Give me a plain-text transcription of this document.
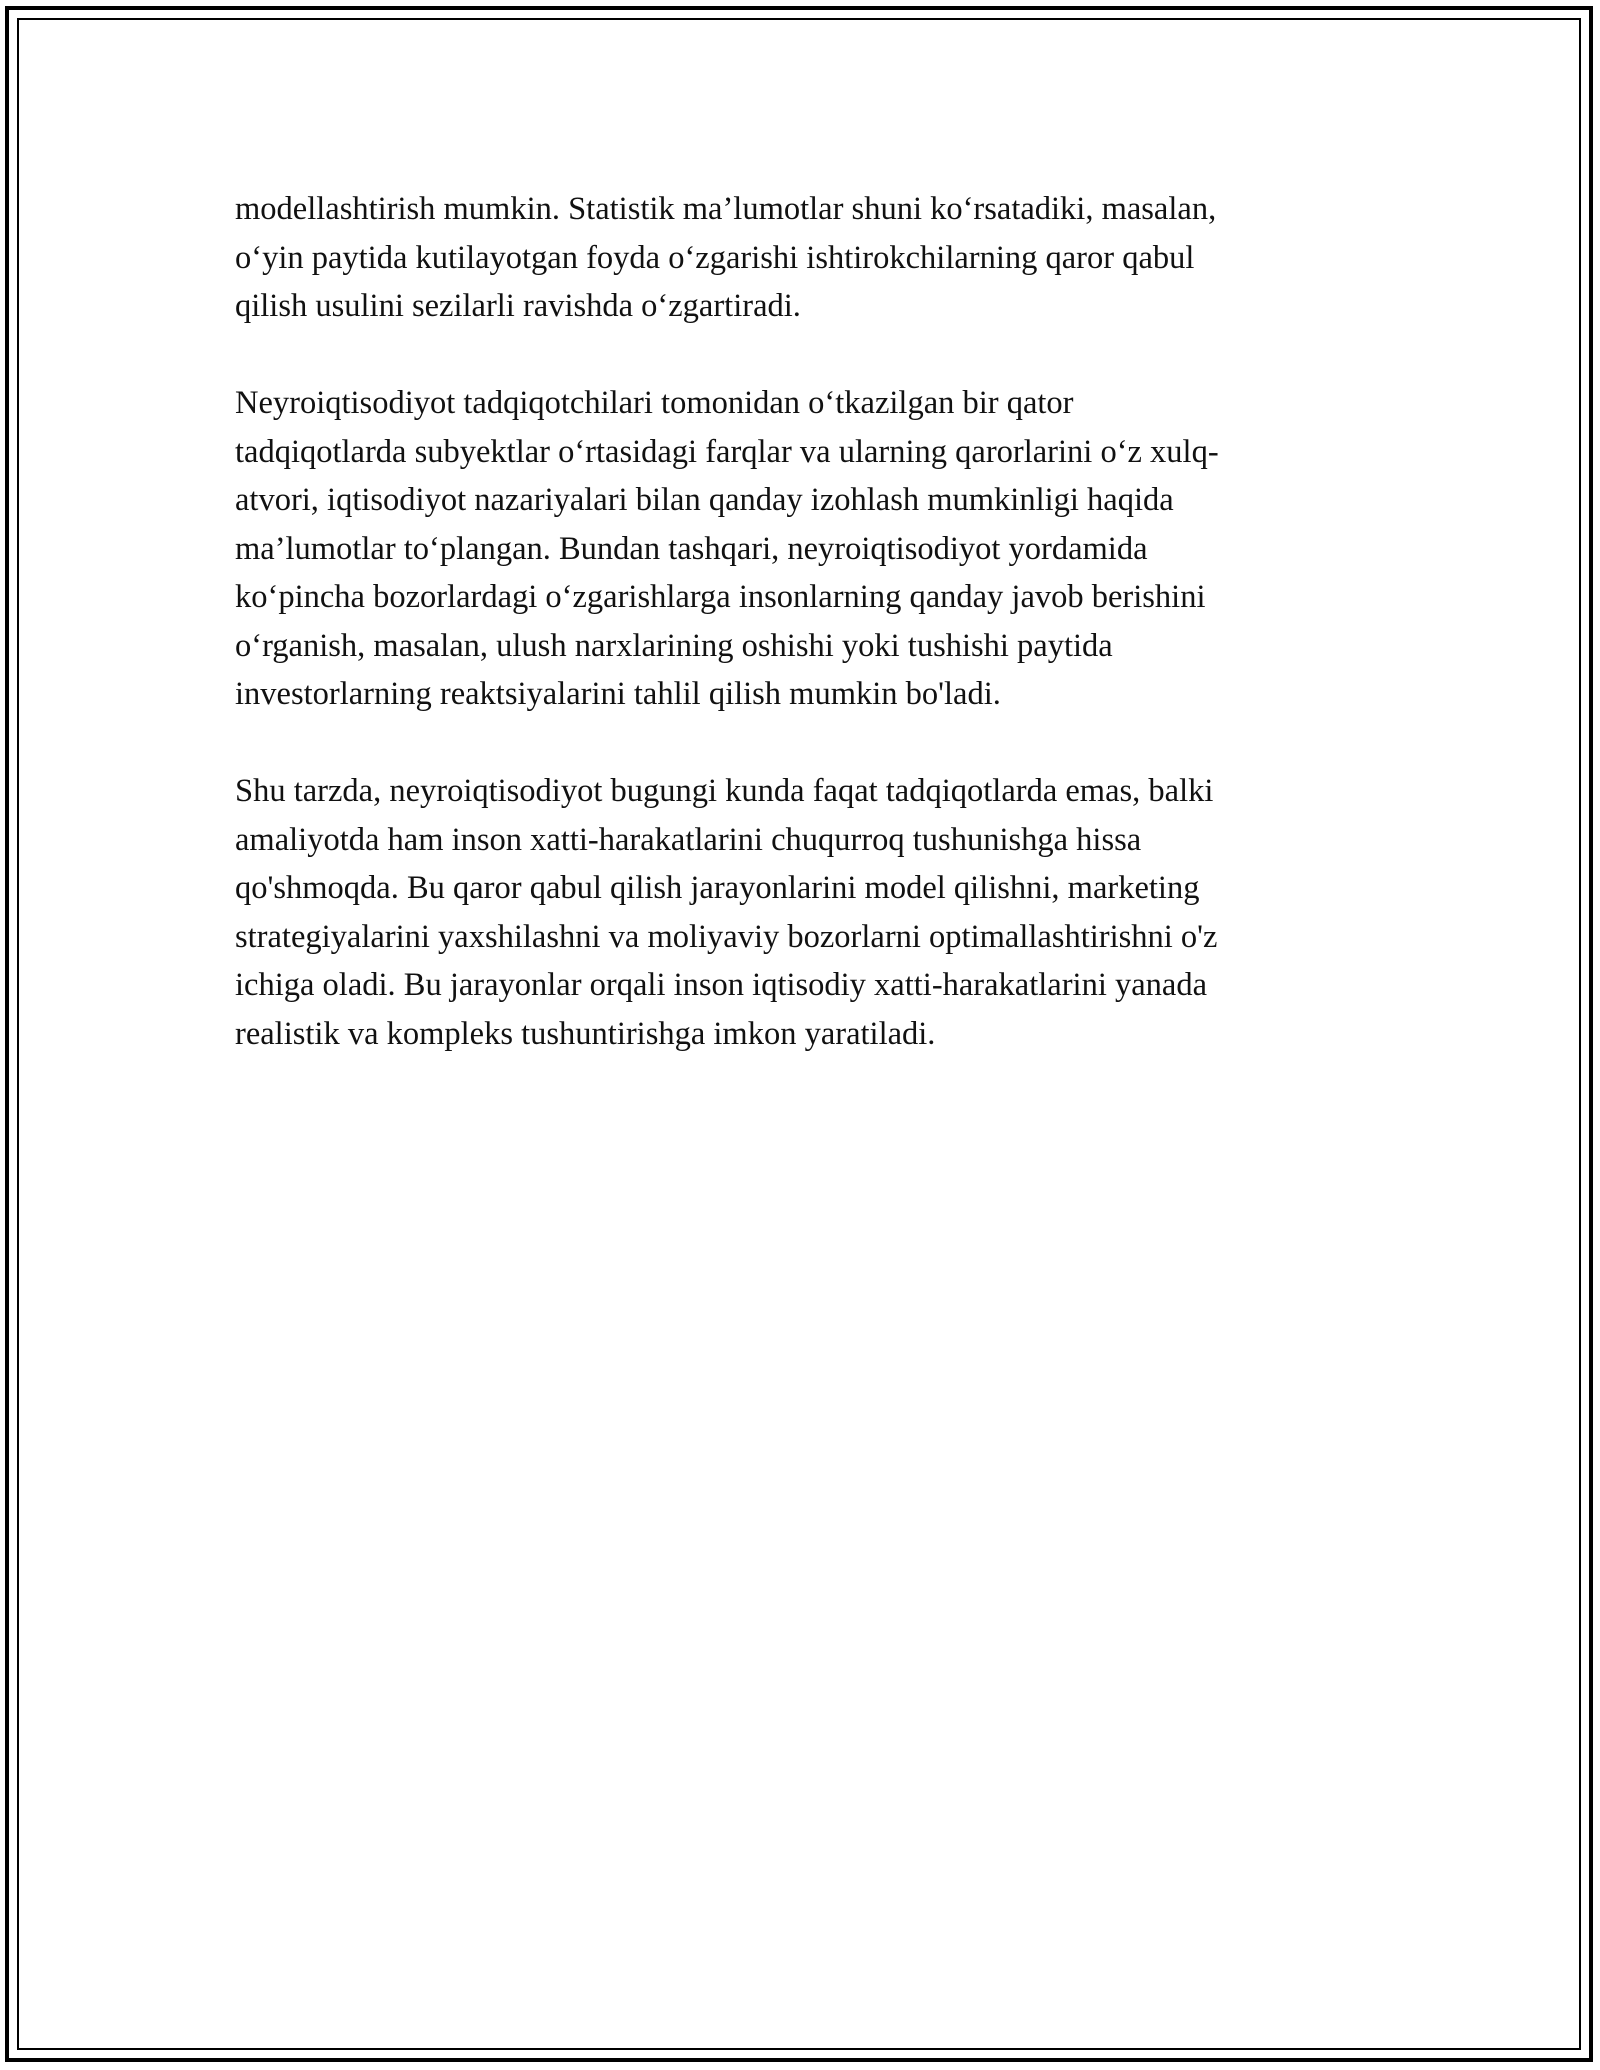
modellashtirish mumkin. Statistik ma’lumotlar shuni ko‘rsatadiki, masalan,
o‘yin paytida kutilayotgan foyda o‘zgarishi ishtirokchilarning qaror qabul
qilish usulini sezilarli ravishda o‘zgartiradi.

Neyroiqtisodiyot tadqiqotchilari tomonidan o‘tkazilgan bir qator
tadqiqotlarda subyektlar o‘rtasidagi farqlar va ularning qarorlarini o‘z xulq-
atvori, iqtisodiyot nazariyalari bilan qanday izohlash mumkinligi haqida
ma’lumotlar to‘plangan. Bundan tashqari, neyroiqtisodiyot yordamida
ko‘pincha bozorlardagi o‘zgarishlarga insonlarning qanday javob berishini
o‘rganish, masalan, ulush narxlarining oshishi yoki tushishi paytida
investorlarning reaktsiyalarini tahlil qilish mumkin bo'ladi.

Shu tarzda, neyroiqtisodiyot bugungi kunda faqat tadqiqotlarda emas, balki
amaliyotda ham inson xatti-harakatlarini chuqurroq tushunishga hissa
qo'shmoqda. Bu qaror qabul qilish jarayonlarini model qilishni, marketing
strategiyalarini yaxshilashni va moliyaviy bozorlarni optimallashtirishni o'z
ichiga oladi. Bu jarayonlar orqali inson iqtisodiy xatti-harakatlarini yanada
realistik va kompleks tushuntirishga imkon yaratiladi.
